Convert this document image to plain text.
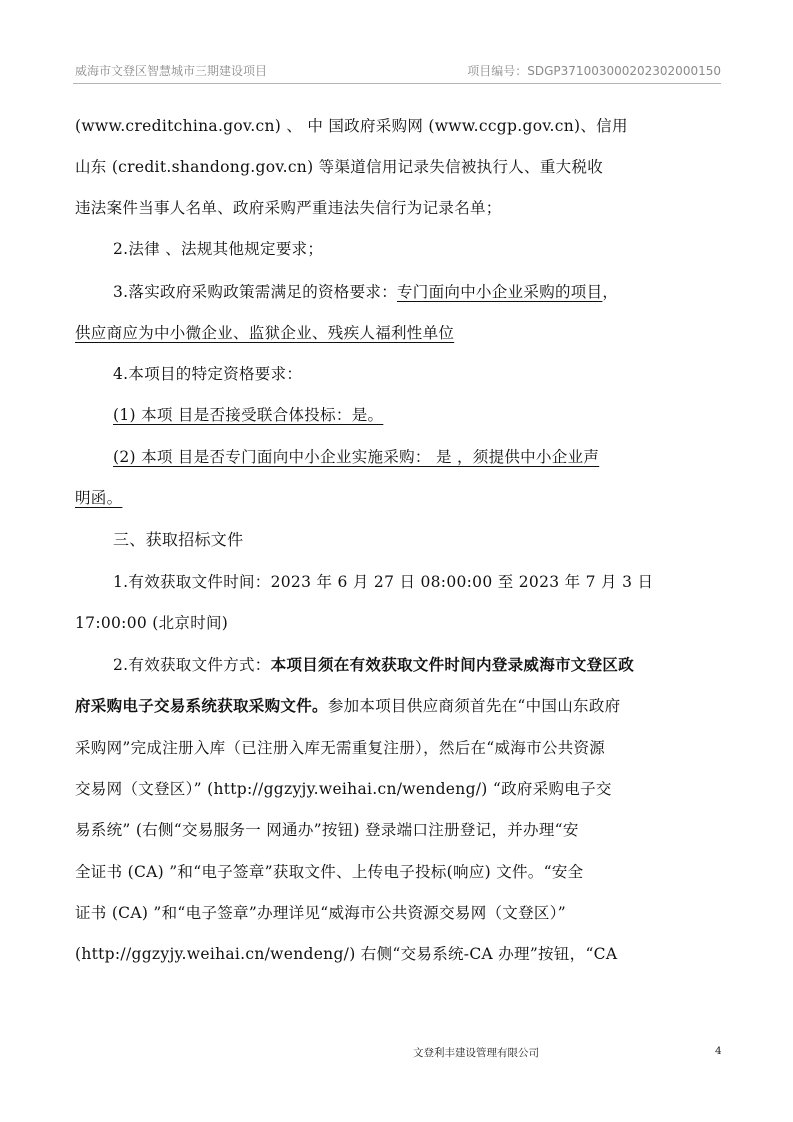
威海市文登区智慧城市三期建设项目	项目编号：SDGP371003000202302000150
(www.creditchina.gov.cn) 、 中 国政府采购网 (www.ccgp.gov.cn)、信用
山东 (credit.shandong.gov.cn) 等渠道信用记录失信被执行人、重大税收
违法案件当事人名单、政府采购严重违法失信行为记录名单；
2.法律 、法规其他规定要求；
3.落实政府采购政策需满足的资格要求：专门面向中小企业采购的项目，
供应商应为中小微企业、监狱企业、残疾人福利性单位
4.本项目的特定资格要求：
(1) 本项 目是否接受联合体投标：是。
(2) 本项 目是否专门面向中小企业实施采购： 是 ，须提供中小企业声
明函。
三、获取招标文件
1.有效获取文件时间：2023 年 6 月 27 日 08:00:00 至 2023 年 7 月 3 日
17:00:00 (北京时间)
2.有效获取文件方式：本项目须在有效获取文件时间内登录威海市文登区政
府采购电子交易系统获取采购文件。参加本项目供应商须首先在“中国山东政府
采购网”完成注册入库（已注册入库无需重复注册），然后在“威海市公共资源
交易网（文登区）” (http://ggzyjy.weihai.cn/wendeng/) “政府采购电子交
易系统” (右侧“交易服务一 网通办”按钮) 登录端口注册登记，并办理“安
全证书 (CA) ”和“电子签章”获取文件、上传电子投标(响应) 文件。“安全
证书 (CA) ”和“电子签章”办理详见“威海市公共资源交易网（文登区）”
(http://ggzyjy.weihai.cn/wendeng/) 右侧“交易系统-CA 办理”按钮，“CA
文登利丰建设管理有限公司	4
